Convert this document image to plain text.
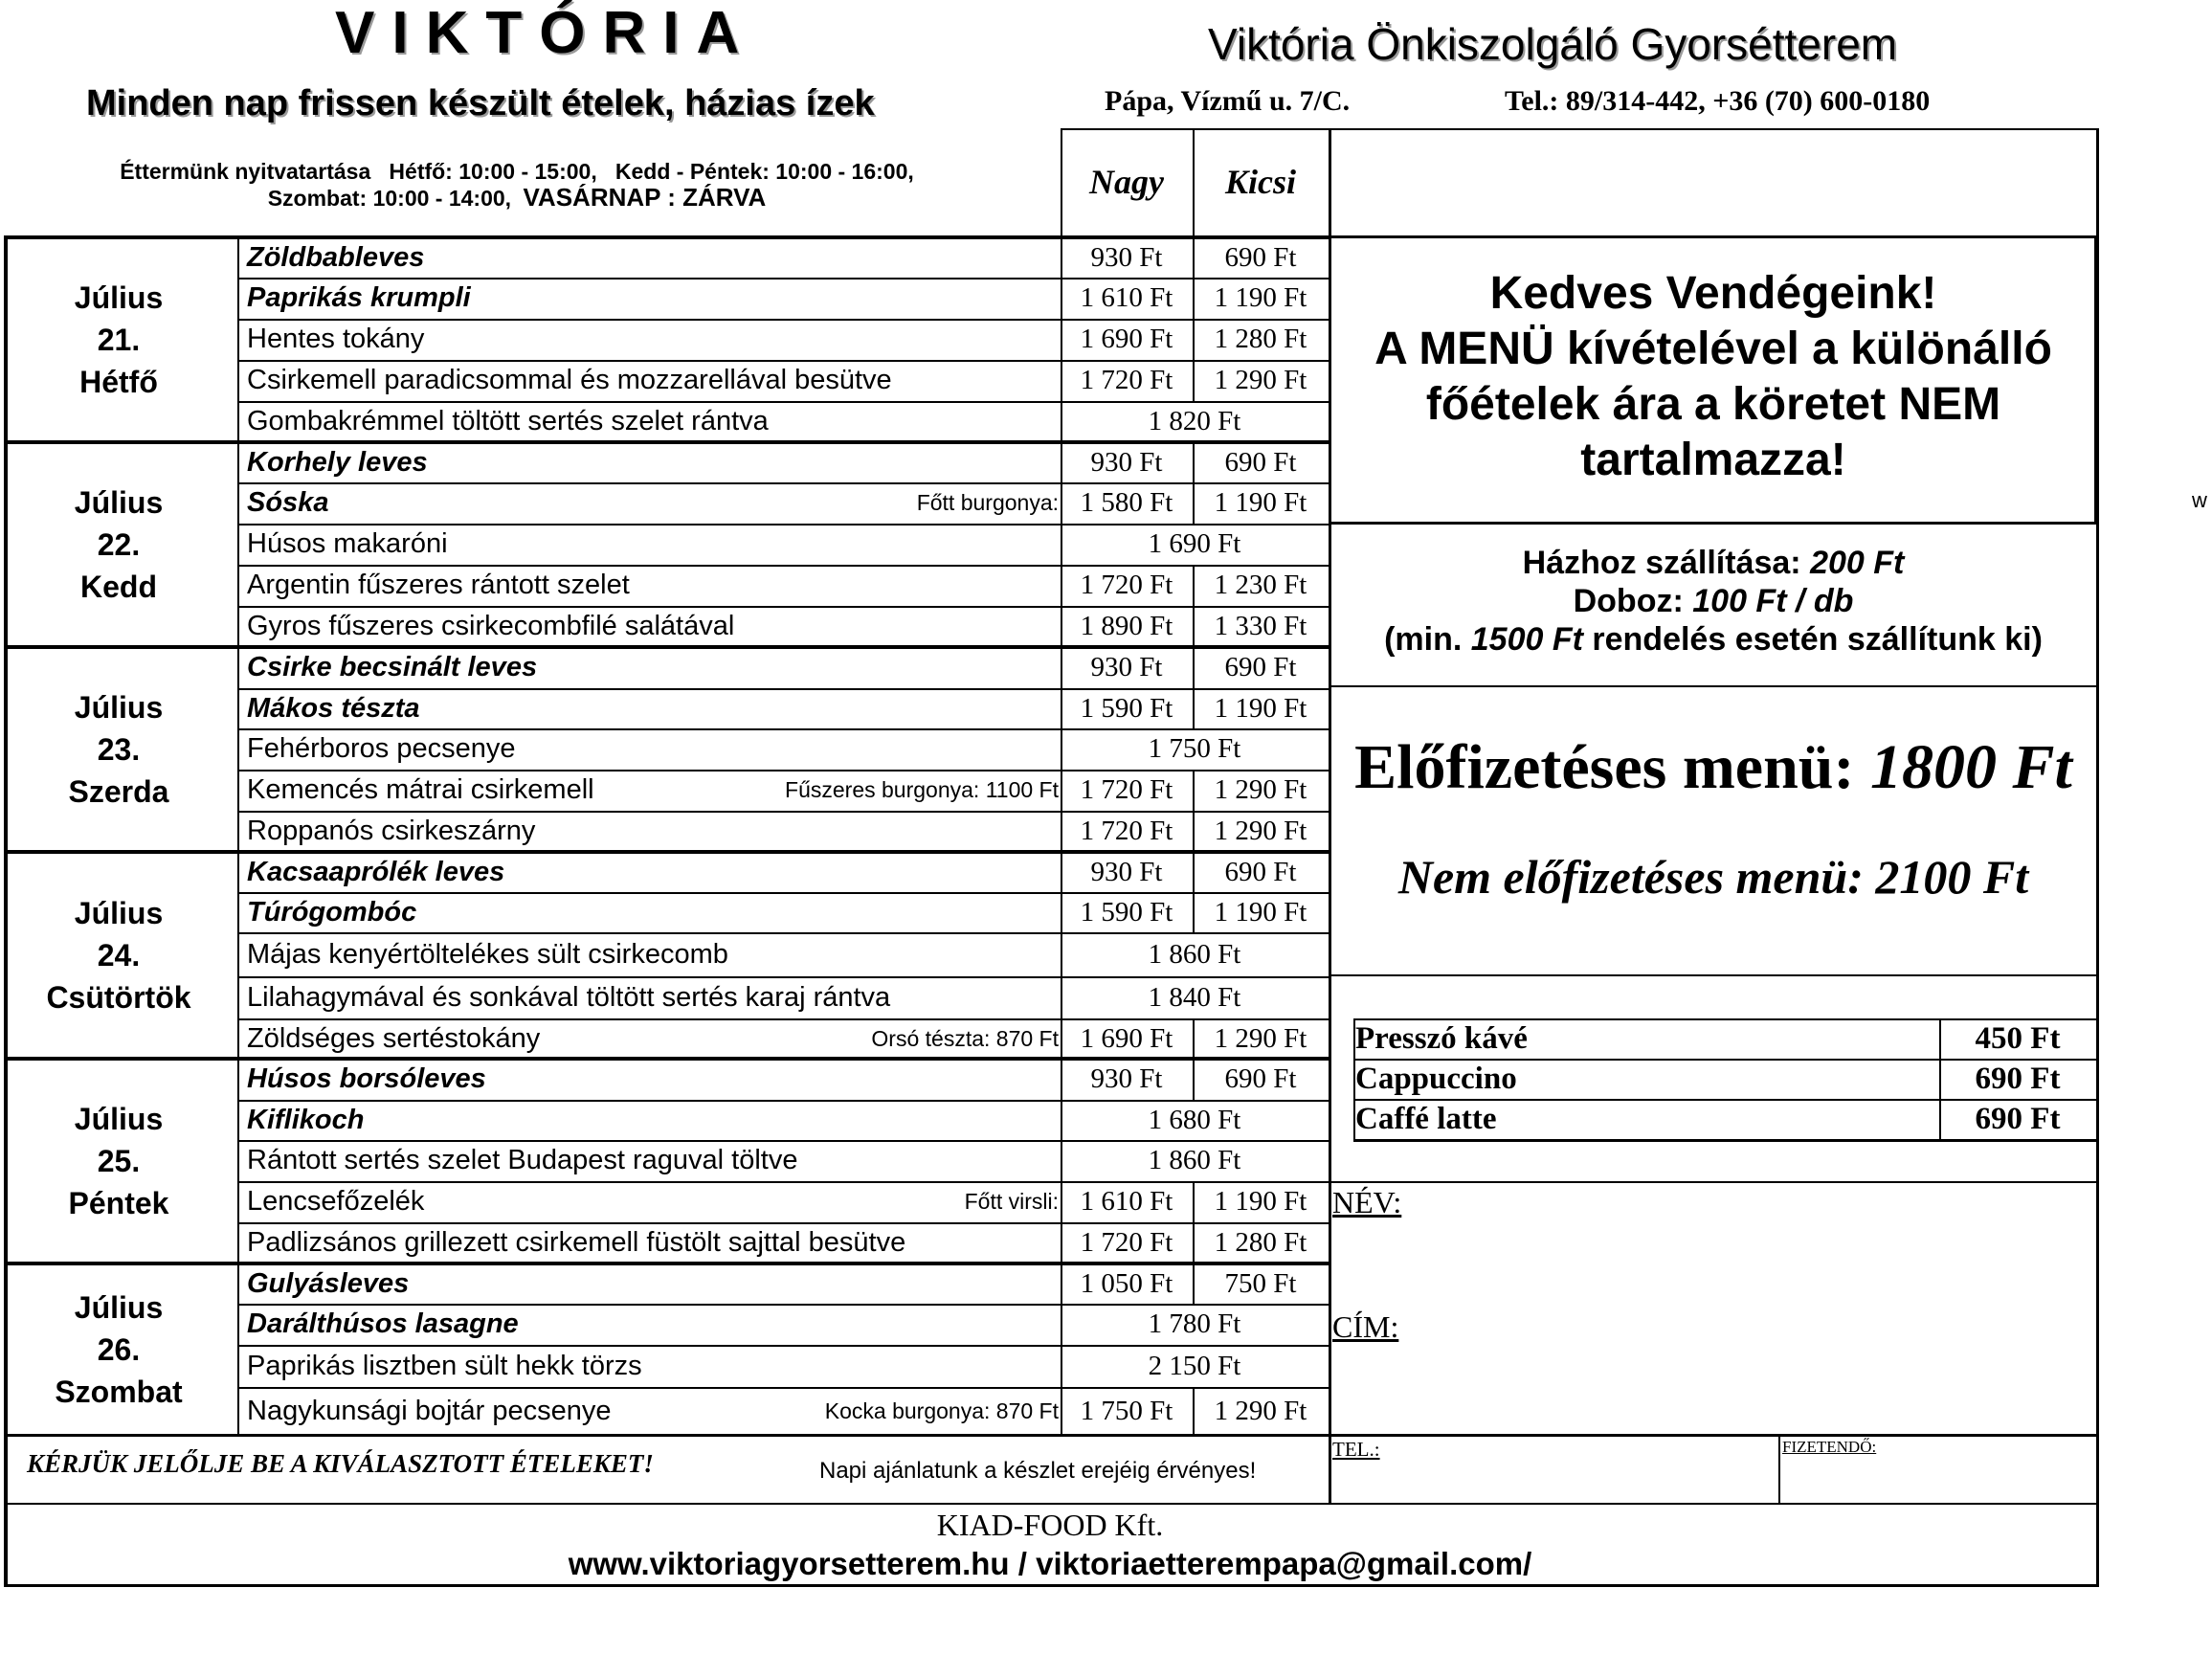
VIKTÓRIA
Minden nap frissen készült ételek, házias ízek
Éttermünk nyitvatartása   Hétfő: 10:00 - 15:00,   Kedd - Péntek: 10:00 - 16:00,
Szombat: 10:00 - 14:00, VASÁRNAP : ZÁRVA
Viktória Önkiszolgáló Gyorsétterem
Pápa, Vízmű u. 7/C.	Tel.: 89/314-442, +36 (70) 600-0180
Nagy	Kicsi
Július
21.
Hétfő
Zöldbableves	930 Ft	690 Ft
Paprikás krumpli	1 610 Ft	1 190 Ft
Hentes tokány	1 690 Ft	1 280 Ft
Csirkemell paradicsommal és mozzarellával besütve	1 720 Ft	1 290 Ft
Gombakrémmel töltött sertés szelet rántva	1 820 Ft
Július
22.
Kedd
Korhely leves	930 Ft	690 Ft
Sóska	Főtt burgonya: 1 580 Ft	1 190 Ft
Húsos makaróni	1 690 Ft
Argentin fűszeres rántott szelet	1 720 Ft	1 230 Ft
Gyros fűszeres csirkecombfilé salátával	1 890 Ft	1 330 Ft
Július
23.
Szerda
Csirke becsinált leves	930 Ft	690 Ft
Mákos tészta	1 590 Ft	1 190 Ft
Fehérboros pecsenye	1 750 Ft
Kemencés mátrai csirkemell	Fűszeres burgonya: 1100 Ft 1 720 Ft	1 290 Ft
Roppanós csirkeszárny	1 720 Ft	1 290 Ft
Július
24.
Csütörtök
Kacsaaprólék leves	930 Ft	690 Ft
Túrógombóc	1 590 Ft	1 190 Ft
Májas kenyértöltelékes sült csirkecomb	1 860 Ft
Lilahagymával és sonkával töltött sertés karaj rántva	1 840 Ft
Zöldséges sertéstokány	Orsó tészta: 870 Ft 1 690 Ft	1 290 Ft
Július
25.
Péntek
Húsos borsóleves	930 Ft	690 Ft
Kiflikoch	1 680 Ft
Rántott sertés szelet Budapest raguval töltve	1 860 Ft
Lencsefőzelék	Főtt virsli: 1 610 Ft	1 190 Ft
Padlizsános grillezett csirkemell füstölt sajttal besütve	1 720 Ft	1 280 Ft
Július
26.
Szombat
Gulyásleves	1 050 Ft	750 Ft
Darálthúsos lasagne	1 780 Ft
Paprikás lisztben sült hekk törzs	2 150 Ft
Nagykunsági bojtár pecsenye	Kocka burgonya: 870 Ft 1 750 Ft	1 290 Ft
Kedves Vendégeink!
A MENÜ kívételével a különálló
főételek ára a köretet NEM
tartalmazza!
Házhoz szállítása: 200 Ft
Doboz: 100 Ft / db
(min. 1500 Ft rendelés esetén szállítunk ki)
Előfizetéses menü: 1800 Ft
Nem előfizetéses menü: 2100 Ft
Presszó kávé	450 Ft
Cappuccino	690 Ft
Caffé latte	690 Ft
NÉV:
CÍM:
TEL.:	FIZETENDŐ:
KÉRJÜK JELŐLJE BE A KIVÁLASZTOTT ÉTELEKET!	Napi ajánlatunk a készlet erejéig érvényes!
KIAD-FOOD Kft.
www.viktoriagyorsetterem.hu / viktoriaetterempapa@gmail.com/
w
